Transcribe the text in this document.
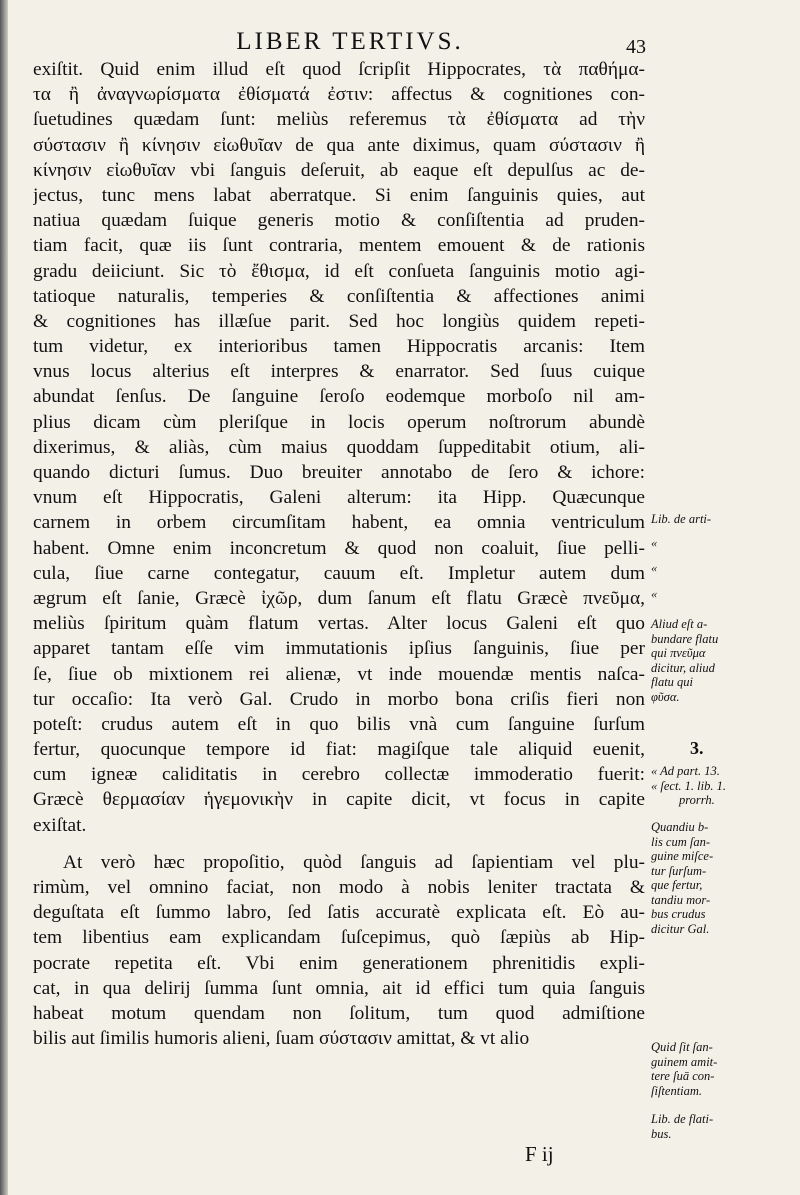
LIBER TERTIVS.	43
exiſtit. Quid enim illud eſt quod ſcripſit Hippocrates, τὰ παθήμα-
τα ἢ ἀναγνωρίσματα ἐθίσματά ἐστιν: affectus & cognitiones con-
ſuetudines quædam ſunt: meliùs referemus τὰ ἐθίσματα ad τὴν
σύστασιν ἢ κίνησιν εἰωθυῖαν de qua ante diximus, quam σύστασιν ἢ
κίνησιν εἰωθυῖαν vbi ſanguis deſeruit, ab eaque eſt depulſus ac de-
jectus, tunc mens labat aberratque. Si enim ſanguinis quies, aut
natiua quædam ſuique generis motio & conſiſtentia ad pruden-
tiam facit, quæ iis ſunt contraria, mentem emouent & de rationis
gradu deiiciunt. Sic τὸ ἔθισμα, id eſt conſueta ſanguinis motio agi-
tatioque naturalis, temperies & conſiſtentia & affectiones animi
& cognitiones has illæſue parit. Sed hoc longiùs quidem repeti-
tum videtur, ex interioribus tamen Hippocratis arcanis: Item
vnus locus alterius eſt interpres & enarrator. Sed ſuus cuique
abundat ſenſus. De ſanguine ſeroſo eodemque morboſo nil am-
plius dicam cùm pleriſque in locis operum noſtrorum abundè
dixerimus, & aliàs, cùm maius quoddam ſuppeditabit otium, ali-
quando dicturi ſumus. Duo breuiter annotabo de ſero & ichore:
vnum eſt Hippocratis, Galeni alterum: ita Hipp. Quæcunque
carnem in orbem circumſitam habent, ea omnia ventriculum
habent. Omne enim inconcretum & quod non coaluit, ſiue pelli-
cula, ſiue carne contegatur, cauum eſt. Impletur autem dum
ægrum eſt ſanie, Græcè ἰχῶρ, dum ſanum eſt flatu Græcè πνεῦμα,
meliùs ſpiritum quàm flatum vertas. Alter locus Galeni eſt quo
apparet tantam eſſe vim immutationis ipſius ſanguinis, ſiue per
ſe, ſiue ob mixtionem rei alienæ, vt inde mouendæ mentis naſca-
tur occaſio: Ita verò Gal. Crudo in morbo bona criſis fieri non
poteſt: crudus autem eſt in quo bilis vnà cum ſanguine ſurſum
fertur, quocunque tempore id fiat: magiſque tale aliquid euenit,
cum igneæ caliditatis in cerebro collectæ immoderatio fuerit:
Græcè θερμασίαν ἡγεμονικὴν in capite dicit, vt focus in capite
exiſtat.
At verò hæc propoſitio, quòd ſanguis ad ſapientiam vel plu-
rimùm, vel omnino faciat, non modo à nobis leniter tractata &
deguſtata eſt ſummo labro, ſed ſatis accuratè explicata eſt. Eò au-
tem libentius eam explicandam ſuſcepimus, quò ſæpiùs ab Hip-
pocrate repetita eſt. Vbi enim generationem phrenitidis expli-
cat, in qua delirij ſumma ſunt omnia, ait id effici tum quia ſanguis
habeat motum quendam non ſolitum, tum quod admiſtione
bilis aut ſimilis humoris alieni, ſuam σύστασιν amittat, & vt alio
F ij
Lib. de arti-
«
«
«
Aliud eſt a-
bundare flatu
qui πνεῦμα
dicitur, aliud
flatu qui
φῦσα.
3.
« Ad part. 13.
« ſect. 1. lib. 1.
prorrh.
Quandiu b-
lis cum ſan-
guine miſce-
tur ſurſum-
que fertur,
tandiu mor-
bus crudus
dicitur Gal.
Quid ſit ſan-
guinem amit-
tere ſuā con-
ſiſtentiam.
Lib. de flati-
bus.
